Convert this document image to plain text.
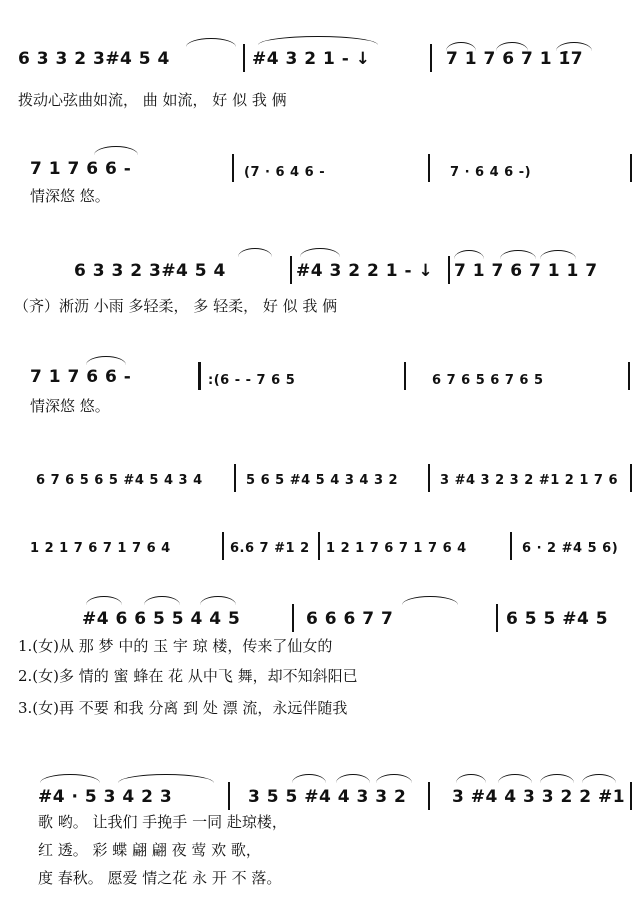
6 3 3 2 3#4 5 4	#4 3 2 1 - ↓	7 1 7 6 7 1 1̇7
拨动心弦曲如流， 曲 如流， 好 似 我 俩
7 1 7 6 6 -	(7 · 6 4 6 -	7 · 6 4 6 -)
情深悠 悠。
6 3 3 2 3#4 5 4	#4 3 2 2 1 - ↓ 7 1 7 6 7 1 1 7
（齐）淅沥 小雨 多轻柔， 多 轻柔， 好 似 我 俩
7 1 7 6 6 -	:(6 - - 7 6 5	6 7 6 5 6 7 6 5
情深悠 悠。
6 7 6 5 6 5 #4 5 4 3 4	5 6 5 #4 5 4 3 4 3 2	3 #4 3 2 3 2 #1 2 1 7 6
1 2 1 7 6 7 1 7 6 4	6.6 7 #1 2 1 2 1 7 6 7 1 7 6 4	6 · 2 #4 5 6)
#4 6 6 5 5 4 4 5	6 6 6 7 7	6 5 5 #4 5
1.(女)从 那 梦 中的 玉 宇 琼 楼，传来了仙女的
2.(女)多 情的 蜜 蜂在 花 从中飞 舞，却不知斜阳已
3.(女)再 不要 和我 分离 到 处 漂 流，永远伴随我
#4 · 5 3 4 2 3	3 5 5 #4 4 3 3 2	3 #4 4 3 3 2 2 #1
歌 哟。 让我们 手挽手 一同 赴琼楼，
红 透。 彩 蝶 翩 翩 夜 莺 欢 歌，
度 春秋。 愿爱 情之花 永 开 不 落。
